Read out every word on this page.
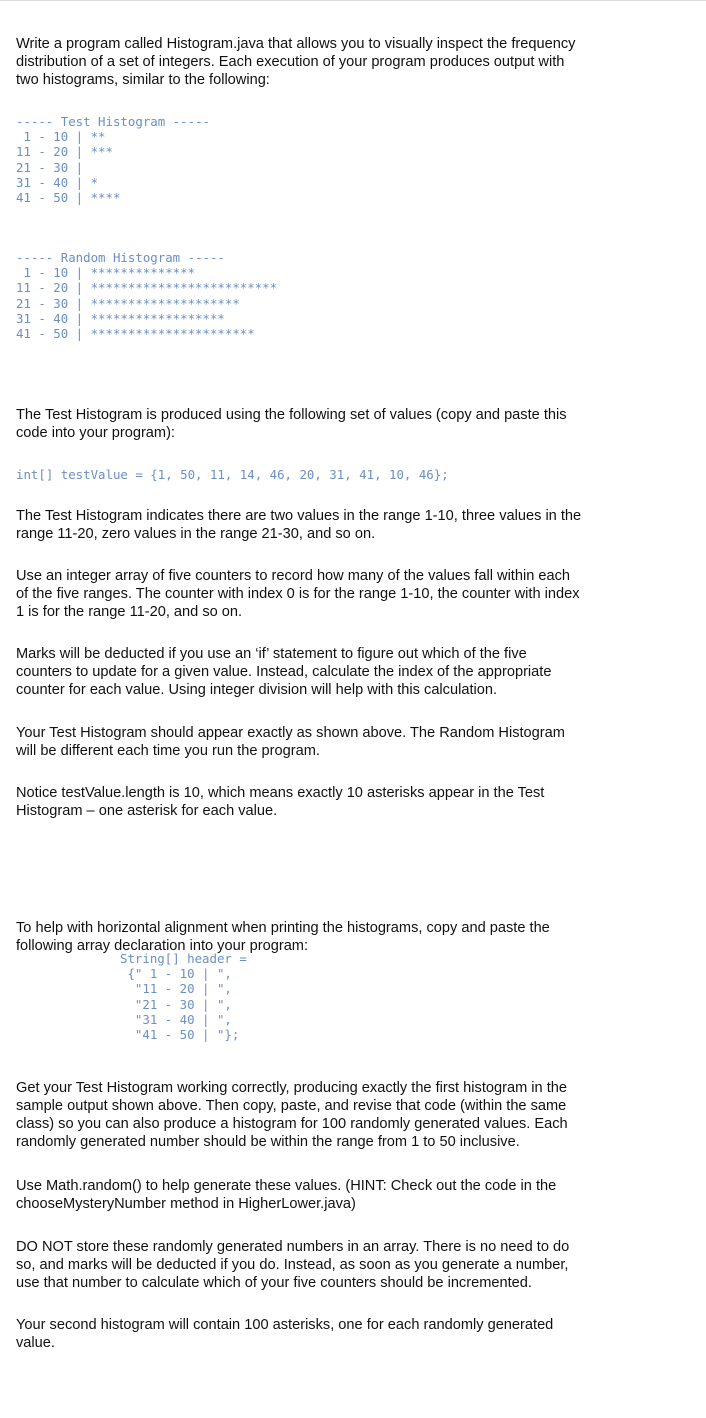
Write a program called Histogram.java that allows you to visually inspect the frequency
distribution of a set of integers. Each execution of your program produces output with
two histograms, similar to the following:

----- Test Histogram -----
1 - 10 | **
11 - 20 | ***
21 - 30 |
31 - 40 | *
41 - 50 | ****
----- Random Histogram -----
1 - 10 | **************
11 - 20 | *************************
21 - 30 | ********************
31 - 40 | ******************
41 - 50 | **********************

The Test Histogram is produced using the following set of values (copy and paste this
code into your program):

int[] testValue = {1, 50, 11, 14, 46, 20, 31, 41, 10, 46};

The Test Histogram indicates there are two values in the range 1-10, three values in the
range 11-20, zero values in the range 21-30, and so on.

Use an integer array of five counters to record how many of the values fall within each
of the five ranges. The counter with index 0 is for the range 1-10, the counter with index
1 is for the range 11-20, and so on.

Marks will be deducted if you use an ‘if’ statement to figure out which of the five
counters to update for a given value. Instead, calculate the index of the appropriate
counter for each value. Using integer division will help with this calculation.

Your Test Histogram should appear exactly as shown above. The Random Histogram
will be different each time you run the program.

Notice testValue.length is 10, which means exactly 10 asterisks appear in the Test
Histogram – one asterisk for each value.

To help with horizontal alignment when printing the histograms, copy and paste the
following array declaration into your program:

String[] header =
{" 1 - 10 | ",
"11 - 20 | ",
"21 - 30 | ",
"31 - 40 | ",
"41 - 50 | "};

Get your Test Histogram working correctly, producing exactly the first histogram in the
sample output shown above. Then copy, paste, and revise that code (within the same
class) so you can also produce a histogram for 100 randomly generated values. Each
randomly generated number should be within the range from 1 to 50 inclusive.

Use Math.random() to help generate these values. (HINT: Check out the code in the
chooseMysteryNumber method in HigherLower.java)

DO NOT store these randomly generated numbers in an array. There is no need to do
so, and marks will be deducted if you do. Instead, as soon as you generate a number,
use that number to calculate which of your five counters should be incremented.

Your second histogram will contain 100 asterisks, one for each randomly generated
value.
